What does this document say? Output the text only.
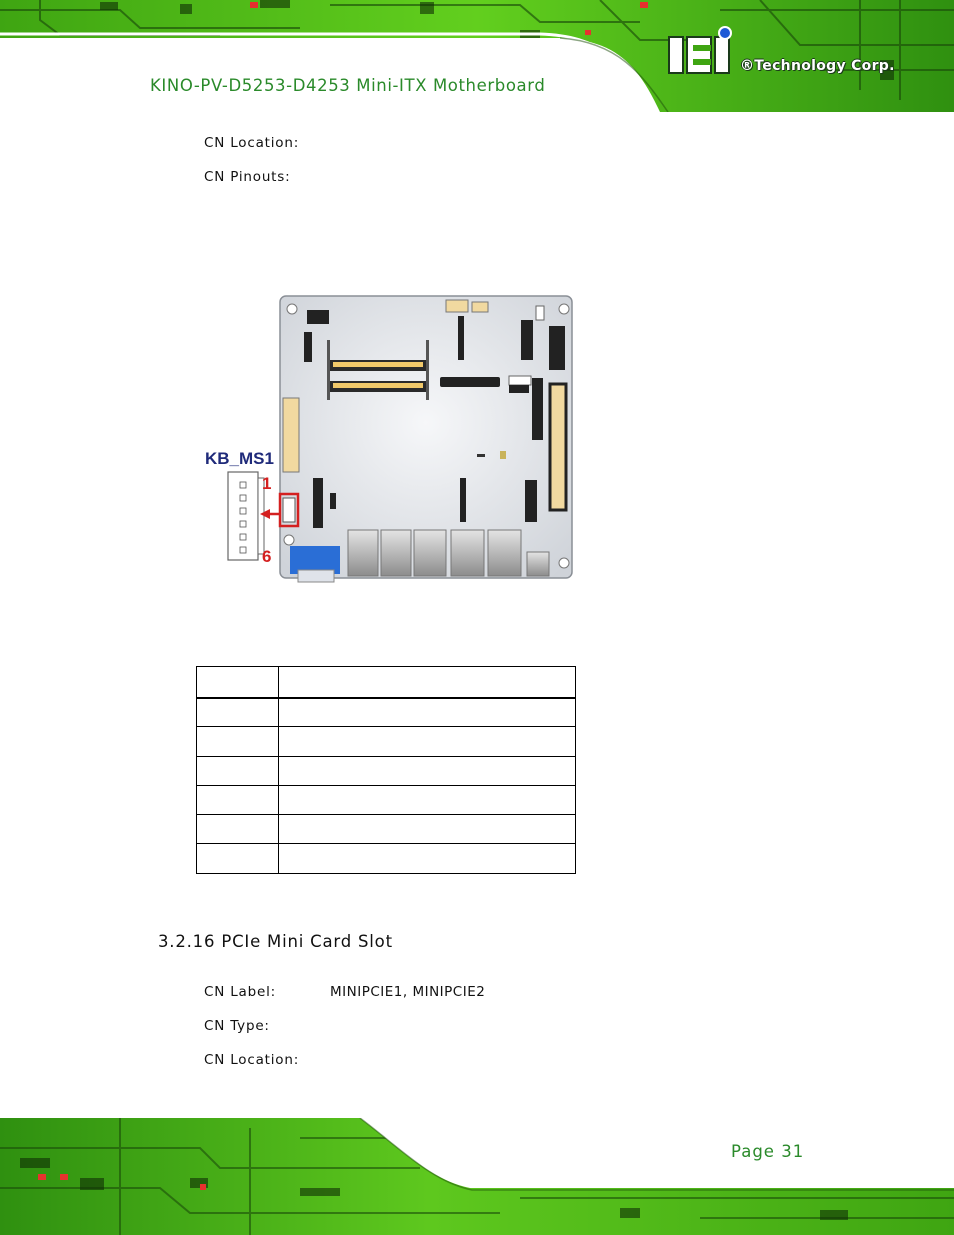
KINO-PV-D5253-D4253 Mini-ITX Motherboard
®Technology Corp.
CN Location:
CN Pinouts:
KB_MS1
1
6

3.2.16 PCIe Mini Card Slot
CN Label:	MINIPCIE1, MINIPCIE2
CN Type:
CN Location:
Page 31
